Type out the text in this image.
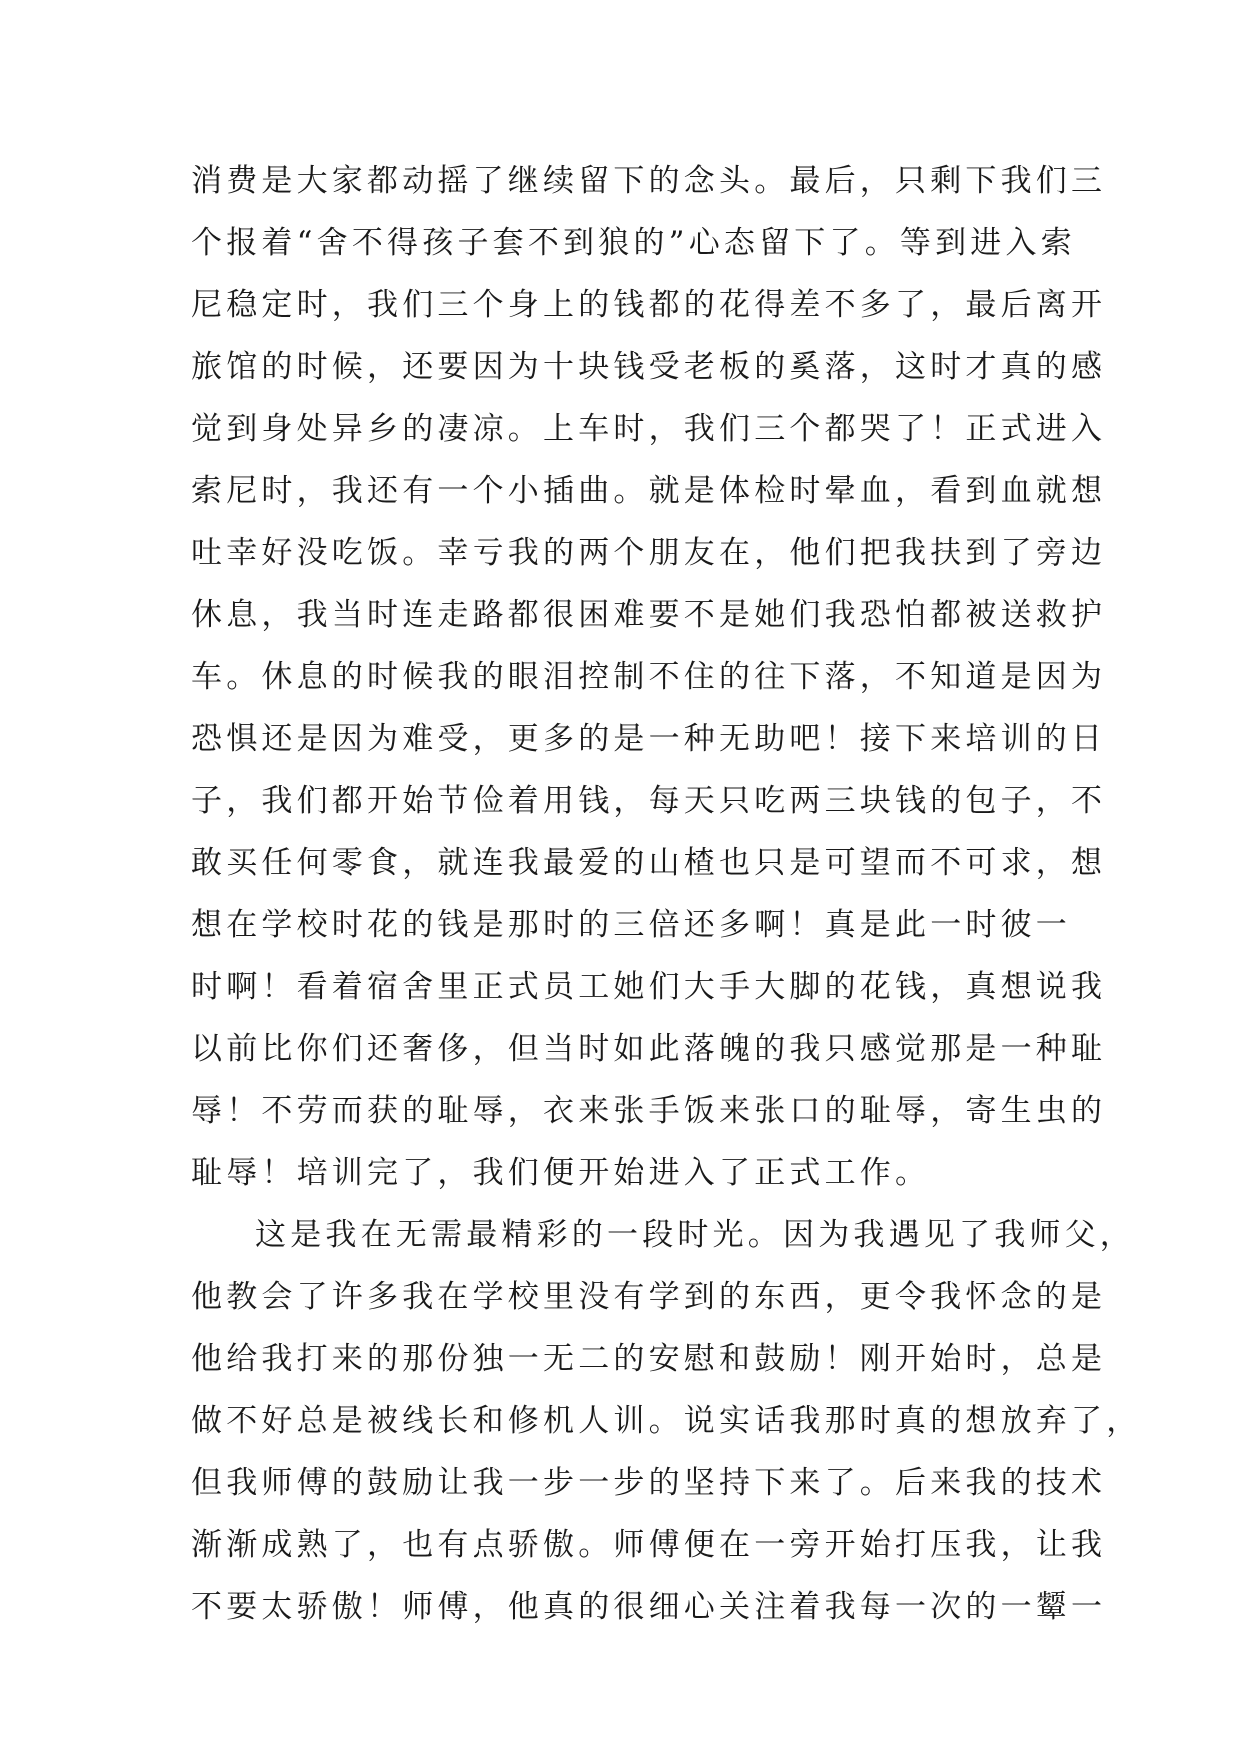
消费是大家都动摇了继续留下的念头。最后，只剩下我们三
个报着“舍不得孩子套不到狼的”心态留下了。等到进入索
尼稳定时，我们三个身上的钱都的花得差不多了，最后离开
旅馆的时候，还要因为十块钱受老板的奚落，这时才真的感
觉到身处异乡的凄凉。上车时，我们三个都哭了！正式进入
索尼时，我还有一个小插曲。就是体检时晕血，看到血就想
吐幸好没吃饭。幸亏我的两个朋友在，他们把我扶到了旁边
休息，我当时连走路都很困难要不是她们我恐怕都被送救护
车。休息的时候我的眼泪控制不住的往下落，不知道是因为
恐惧还是因为难受，更多的是一种无助吧！接下来培训的日
子，我们都开始节俭着用钱，每天只吃两三块钱的包子，不
敢买任何零食，就连我最爱的山楂也只是可望而不可求，想
想在学校时花的钱是那时的三倍还多啊！真是此一时彼一
时啊！看着宿舍里正式员工她们大手大脚的花钱，真想说我
以前比你们还奢侈，但当时如此落魄的我只感觉那是一种耻
辱！不劳而获的耻辱，衣来张手饭来张口的耻辱，寄生虫的
耻辱！培训完了，我们便开始进入了正式工作。
这是我在无需最精彩的一段时光。因为我遇见了我师父，
他教会了许多我在学校里没有学到的东西，更令我怀念的是
他给我打来的那份独一无二的安慰和鼓励！刚开始时，总是
做不好总是被线长和修机人训。说实话我那时真的想放弃了，
但我师傅的鼓励让我一步一步的坚持下来了。后来我的技术
渐渐成熟了，也有点骄傲。师傅便在一旁开始打压我，让我
不要太骄傲！师傅，他真的很细心关注着我每一次的一颦一
